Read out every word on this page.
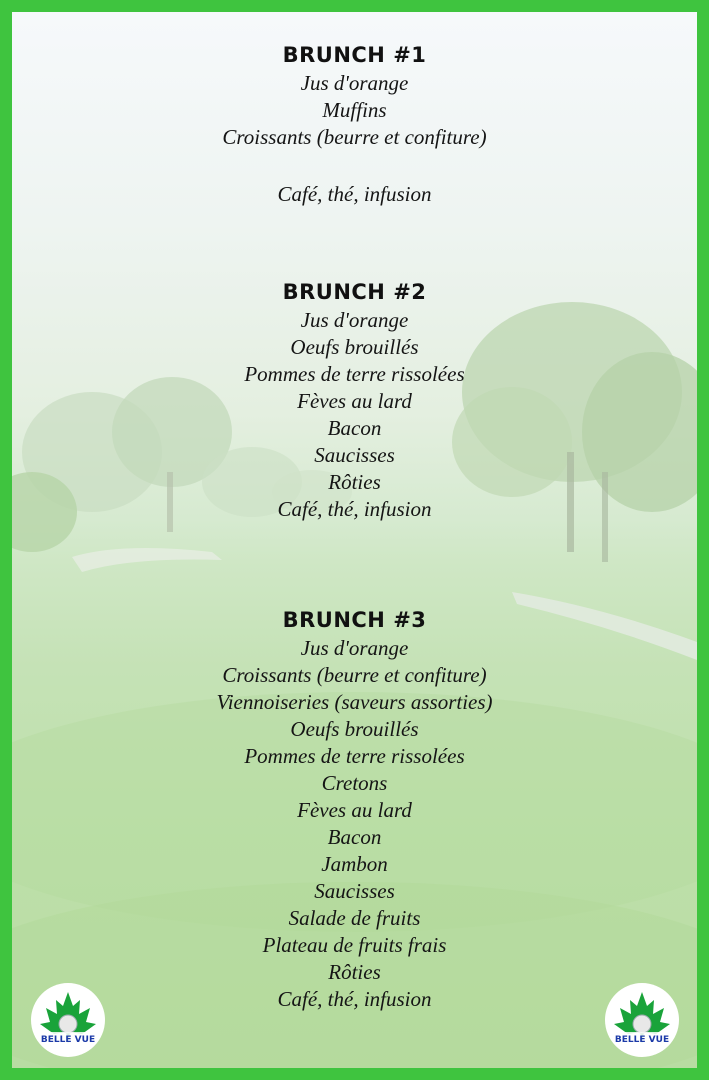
BRUNCH #1
Jus d'orange
Muffins
Croissants (beurre et confiture)
Café, thé, infusion
BRUNCH #2
Jus d'orange
Oeufs brouillés
Pommes de terre rissolées
Fèves au lard
Bacon
Saucisses
Rôties
Café, thé, infusion
BRUNCH #3
Jus d'orange
Croissants (beurre et confiture)
Viennoiseries (saveurs assorties)
Oeufs brouillés
Pommes de terre rissolées
Cretons
Fèves au lard
Bacon
Jambon
Saucisses
Salade de fruits
Plateau de fruits frais
Rôties
Café, thé, infusion
BELLE VUE	BELLE VUE
